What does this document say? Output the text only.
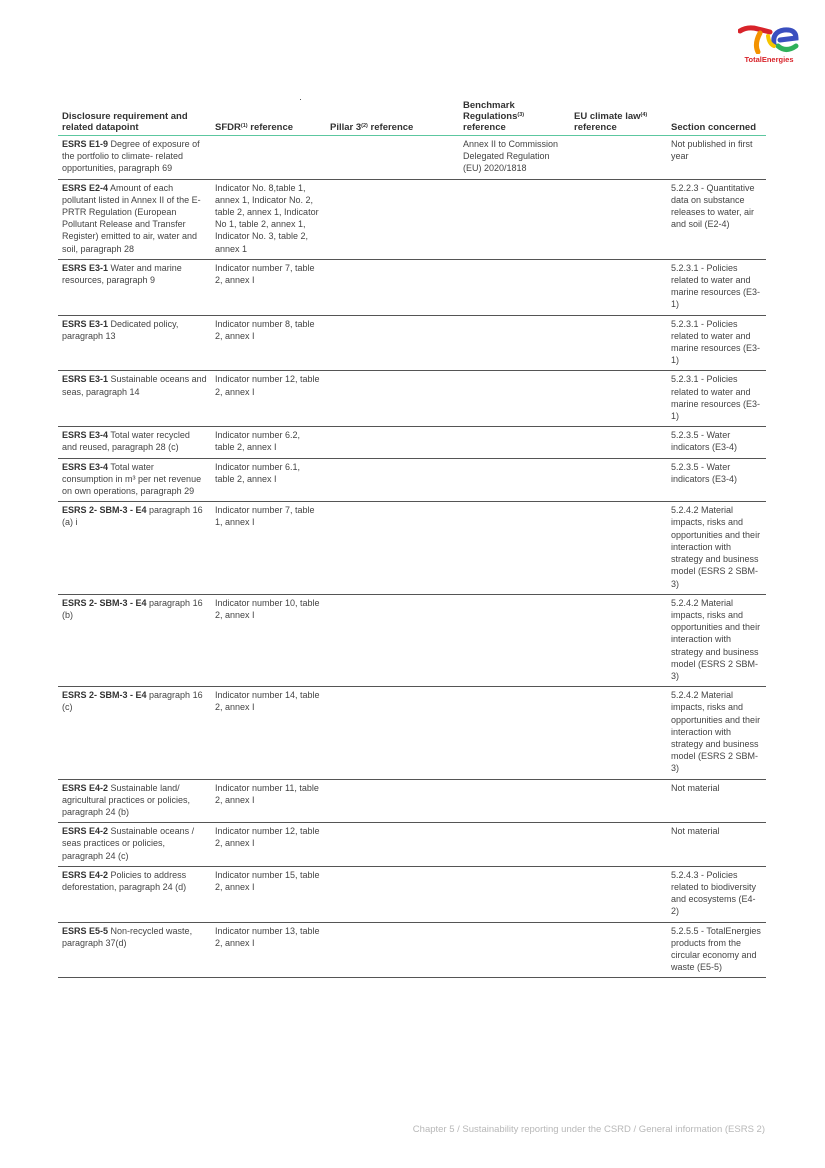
TotalEnergies
Disclosure requirement and related datapoint	SFDR$^{(1)}$ reference	Pillar 3$^{(2)}$ reference	Benchmark Regulations$^{(3)}$ reference	EU climate law$^{(4)}$ reference	Section concerned
ESRS E1-9 Degree of exposure of the portfolio to climate- related opportunities, paragraph 69			Annex II to Commission Delegated Regulation (EU) 2020/1818		Not published in first year
ESRS E2-4 Amount of each pollutant listed in Annex II of the E-PRTR Regulation (European Pollutant Release and Transfer Register) emitted to air, water and soil, paragraph 28	Indicator No. 8,table 1, annex 1, Indicator No. 2, table 2, annex 1, Indicator No 1, table 2, annex 1, Indicator No. 3, table 2, annex 1				5.2.2.3 - Quantitative data on substance releases to water, air and soil (E2-4)
ESRS E3-1 Water and marine resources, paragraph 9	Indicator number 7, table 2, annex I				5.2.3.1 - Policies related to water and marine resources (E3-1)
ESRS E3-1 Dedicated policy, paragraph 13	Indicator number 8, table 2, annex I				5.2.3.1 - Policies related to water and marine resources (E3-1)
ESRS E3-1 Sustainable oceans and seas, paragraph 14	Indicator number 12, table 2, annex I				5.2.3.1 - Policies related to water and marine resources (E3-1)
ESRS E3-4 Total water recycled and reused, paragraph 28 (c)	Indicator number 6.2, table 2, annex I				5.2.3.5 - Water indicators (E3-4)
ESRS E3-4 Total water consumption in m³ per net revenue on own operations, paragraph 29	Indicator number 6.1, table 2, annex I				5.2.3.5 - Water indicators (E3-4)
ESRS 2- SBM-3 - E4 paragraph 16 (a) i	Indicator number 7, table 1, annex I				5.2.4.2 Material impacts, risks and opportunities and their interaction with strategy and business model (ESRS 2 SBM-3)
ESRS 2- SBM-3 - E4 paragraph 16 (b)	Indicator number 10, table 2, annex I				5.2.4.2 Material impacts, risks and opportunities and their interaction with strategy and business model (ESRS 2 SBM-3)
ESRS 2- SBM-3 - E4 paragraph 16 (c)	Indicator number 14, table 2, annex I				5.2.4.2 Material impacts, risks and opportunities and their interaction with strategy and business model (ESRS 2 SBM-3)
ESRS E4-2 Sustainable land/ agricultural practices or policies, paragraph 24 (b)	Indicator number 11, table 2, annex I				Not material
ESRS E4-2 Sustainable oceans / seas practices or policies, paragraph 24 (c)	Indicator number 12, table 2, annex I				Not material
ESRS E4-2 Policies to address deforestation, paragraph 24 (d)	Indicator number 15, table 2, annex I				5.2.4.3 - Policies related to biodiversity and ecosystems (E4-2)
ESRS E5-5 Non-recycled waste, paragraph 37(d)	Indicator number 13, table 2, annex I				5.2.5.5 - TotalEnergies products from the circular economy and waste (E5-5)
Chapter 5 / Sustainability reporting under the CSRD / General information (ESRS 2)
